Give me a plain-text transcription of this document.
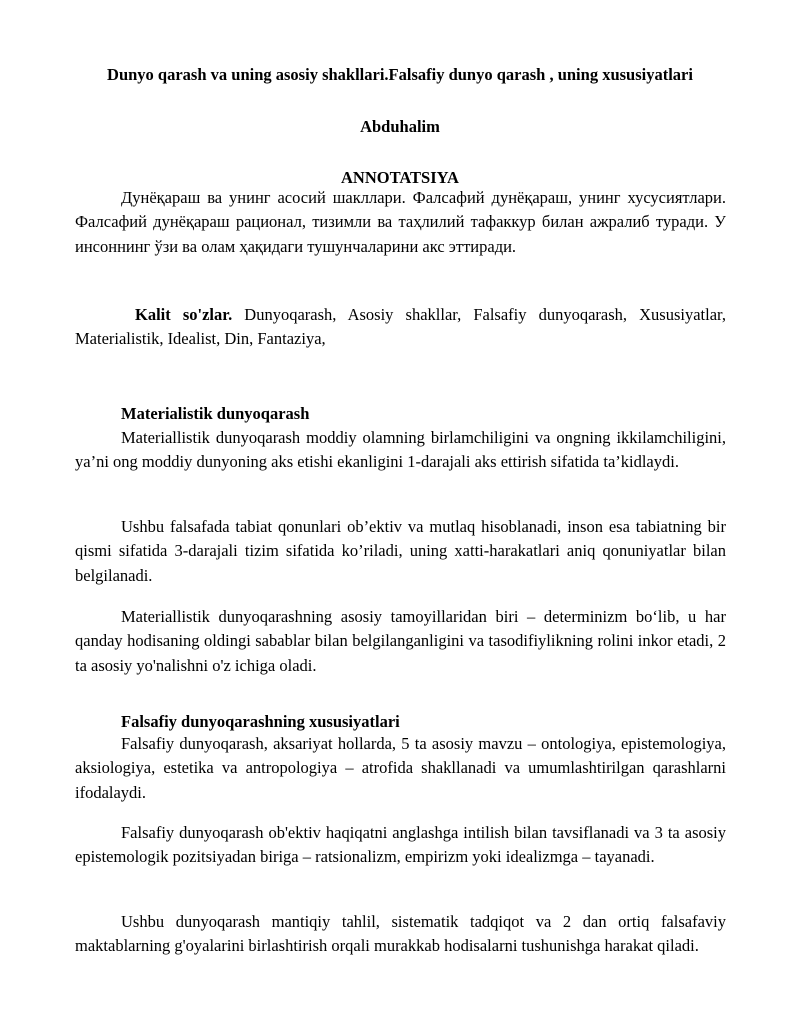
Dunyo qarash va uning asosiy shakllari.Falsafiy dunyo qarash , uning xususiyatlari
Abduhalim
ANNOTATSIYA

Дунёқараш ва унинг асосий шакллари. Фалсафий дунёқараш, унинг хусусиятлари. Фалсафий дунёқараш рационал, тизимли ва таҳлилий тафаккур билан ажралиб туради. У инсоннинг ўзи ва олам ҳақидаги тушунчаларини акс эттиради.

Kalit so'zlar. Dunyoqarash, Asosiy shakllar, Falsafiy dunyoqarash, Xususiyatlar, Materialistik, Idealist, Din, Fantaziya,

Materialistik dunyoqarash

Materiallistik dunyoqarash moddiy olamning birlamchiligini va ongning ikkilamchiligini, ya’ni ong moddiy dunyoning aks etishi ekanligini 1-darajali aks ettirish sifatida ta’kidlaydi.

Ushbu falsafada tabiat qonunlari ob’ektiv va mutlaq hisoblanadi, inson esa tabiatning bir qismi sifatida 3-darajali tizim sifatida ko’riladi, uning xatti-harakatlari aniq qonuniyatlar bilan belgilanadi.

Materiallistik dunyoqarashning asosiy tamoyillaridan biri – determinizm bo‘lib, u har qanday hodisaning oldingi sabablar bilan belgilanganligini va tasodifiylikning rolini inkor etadi, 2 ta asosiy yo'nalishni o'z ichiga oladi.

Falsafiy dunyoqarashning xususiyatlari

Falsafiy dunyoqarash, aksariyat hollarda, 5 ta asosiy mavzu – ontologiya, epistemologiya, aksiologiya, estetika va antropologiya – atrofida shakllanadi va umumlashtirilgan qarashlarni ifodalaydi.

Falsafiy dunyoqarash ob'ektiv haqiqatni anglashga intilish bilan tavsiflanadi va 3 ta asosiy epistemologik pozitsiyadan biriga – ratsionalizm, empirizm yoki idealizmga – tayanadi.

Ushbu dunyoqarash mantiqiy tahlil, sistematik tadqiqot va 2 dan ortiq falsafaviy maktablarning g'oyalarini birlashtirish orqali murakkab hodisalarni tushunishga harakat qiladi.
